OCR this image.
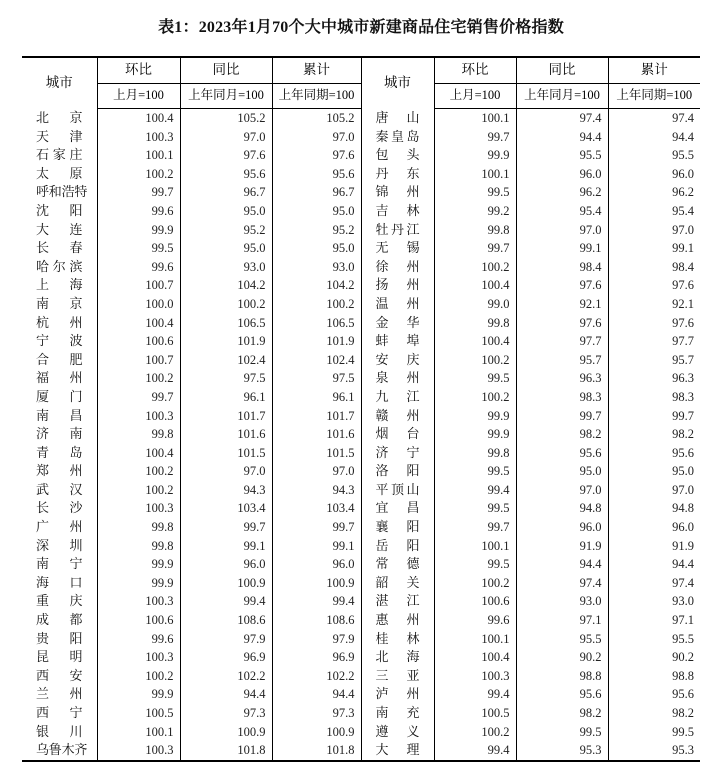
表1：2023年1月70个大中城市新建商品住宅销售价格指数
城市	环比	同比	累计	城市	环比	同比	累计
	上月=100	上年同月=100	上年同期=100		上月=100	上年同月=100	上年同期=100
北 京	100.4	105.2	105.2	唐 山	100.1	97.4	97.4
天 津	100.3	97.0	97.0	秦皇岛	99.7	94.4	94.4
石家庄	100.1	97.6	97.6	包 头	99.9	95.5	95.5
太 原	100.2	95.6	95.6	丹 东	100.1	96.0	96.0
呼和浩特	99.7	96.7	96.7	锦 州	99.5	96.2	96.2
沈 阳	99.6	95.0	95.0	吉 林	99.2	95.4	95.4
大 连	99.9	95.2	95.2	牡丹江	99.8	97.0	97.0
长 春	99.5	95.0	95.0	无 锡	99.7	99.1	99.1
哈尔滨	99.6	93.0	93.0	徐 州	100.2	98.4	98.4
上 海	100.7	104.2	104.2	扬 州	100.4	97.6	97.6
南 京	100.0	100.2	100.2	温 州	99.0	92.1	92.1
杭 州	100.4	106.5	106.5	金 华	99.8	97.6	97.6
宁 波	100.6	101.9	101.9	蚌 埠	100.4	97.7	97.7
合 肥	100.7	102.4	102.4	安 庆	100.2	95.7	95.7
福 州	100.2	97.5	97.5	泉 州	99.5	96.3	96.3
厦 门	99.7	96.1	96.1	九 江	100.2	98.3	98.3
南 昌	100.3	101.7	101.7	赣 州	99.9	99.7	99.7
济 南	99.8	101.6	101.6	烟 台	99.9	98.2	98.2
青 岛	100.4	101.5	101.5	济 宁	99.8	95.6	95.6
郑 州	100.2	97.0	97.0	洛 阳	99.5	95.0	95.0
武 汉	100.2	94.3	94.3	平顶山	99.4	97.0	97.0
长 沙	100.3	103.4	103.4	宜 昌	99.5	94.8	94.8
广 州	99.8	99.7	99.7	襄 阳	99.7	96.0	96.0
深 圳	99.8	99.1	99.1	岳 阳	100.1	91.9	91.9
南 宁	99.9	96.0	96.0	常 德	99.5	94.4	94.4
海 口	99.9	100.9	100.9	韶 关	100.2	97.4	97.4
重 庆	100.3	99.4	99.4	湛 江	100.6	93.0	93.0
成 都	100.6	108.6	108.6	惠 州	99.6	97.1	97.1
贵 阳	99.6	97.9	97.9	桂 林	100.1	95.5	95.5
昆 明	100.3	96.9	96.9	北 海	100.4	90.2	90.2
西 安	100.2	102.2	102.2	三 亚	100.3	98.8	98.8
兰 州	99.9	94.4	94.4	泸 州	99.4	95.6	95.6
西 宁	100.5	97.3	97.3	南 充	100.5	98.2	98.2
银 川	100.1	100.9	100.9	遵 义	100.2	99.5	99.5
乌鲁木齐	100.3	101.8	101.8	大 理	99.4	95.3	95.3
